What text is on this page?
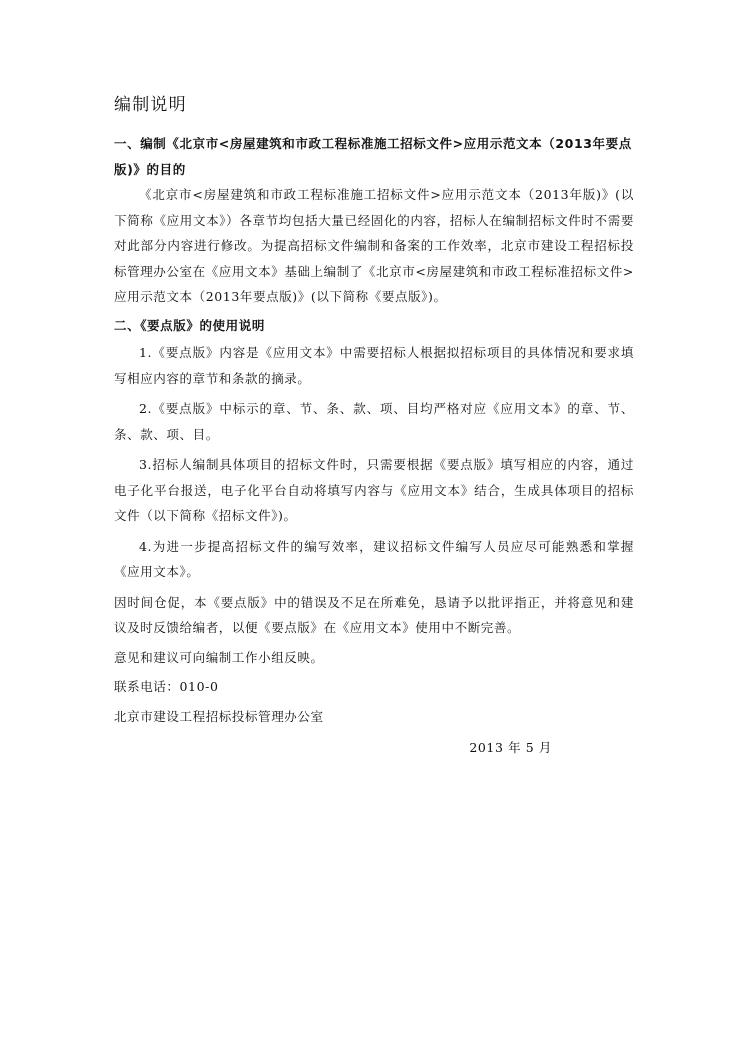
编制说明
一、编制《北京市<房屋建筑和市政工程标准施工招标文件>应用示范文本（2013年要点版)》的目的

《北京市<房屋建筑和市政工程标准施工招标文件>应用示范文本（2013年版)》(以下简称《应用文本》）各章节均包括大量已经固化的内容，招标人在编制招标文件时不需要对此部分内容进行修改。为提高招标文件编制和备案的工作效率，北京市建设工程招标投标管理办公室在《应用文本》基础上编制了《北京市<房屋建筑和市政工程标准招标文件>应用示范文本（2013年要点版)》(以下简称《要点版》)。

二、《要点版》的使用说明

1.《要点版》内容是《应用文本》中需要招标人根据拟招标项目的具体情况和要求填写相应内容的章节和条款的摘录。

2.《要点版》中标示的章、节、条、款、项、目均严格对应《应用文本》的章、节、条、款、项、目。

3.招标人编制具体项目的招标文件时，只需要根据《要点版》填写相应的内容，通过电子化平台报送，电子化平台自动将填写内容与《应用文本》结合，生成具体项目的招标文件（以下简称《招标文件》)。

4.为进一步提高招标文件的编写效率，建议招标文件编写人员应尽可能熟悉和掌握《应用文本》。

因时间仓促，本《要点版》中的错误及不足在所难免，恳请予以批评指正，并将意见和建议及时反馈给编者，以便《要点版》在《应用文本》使用中不断完善。

意见和建议可向编制工作小组反映。

联系电话：010-0

北京市建设工程招标投标管理办公室

2013 年 5 月
